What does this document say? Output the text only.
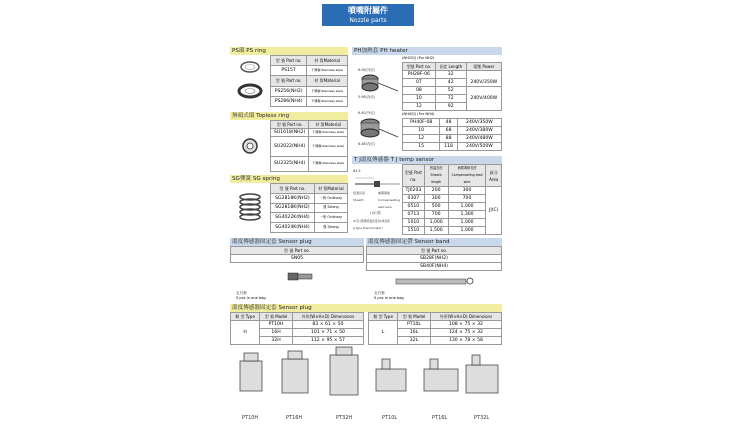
噴嘴附屬件
Nozzle parts
PS環 PS ring
型 號 Part no.	材 質Material
PS157	不銹鋼 Stainless steel
型 號 Part no.	材 質Material
PS256(NH2)	不銹鋼 Stainless steel
PS286(NH4)	不銹鋼 Stainless steel
無頭式環 Topless ring
型 號 Part no.	材 質Material
SU1618(NH2)	不銹鋼 Stainless steel
SU2022(NH4)	不銹鋼 Stainless steel
SU2325(NH4)	不銹鋼 Stainless steel
SG彈簧 SG spring
型 號 Part no.	材 質Material
SG2818K(NH2)	一般 Ordinary
SG2818K(NH2)	強 Strong
SG4022K(NH4)	一般 Ordinary
SG4024K(NH4)	強 Strong
PH加熱套 PH heater
6.08(外徑)
5.98(內徑)
6.40(外徑)
6.48(內徑)
(NH2用) (For NH2)
型號 Part no.	長度 Length	電壓 Power
PH28F-06	32	240V/350W
07	42	
08	52	240V/400W
10	72	
12	92	
(NH4用) (For NH4)
PH40F-08	48	240V/350W
10	68	240V/380W
12	88	240V/480W
15	118	240V/500W
T J溫度傳感器 T J temp sensor
Φ1.5
感溫長度 Sheath
補償導線 Compensating lead wire
J (IC)型
※可以選擇感溫長度和/或長度
(J type thermometer)
型號 Part no.	感溫長度 Sheath length	補償導線長度 Compensating lead wire	區分 Area
TJ0203	200	300	J(IC)
0307	300	700	
0510	500	1,000	
0713	700	1,300	
1010	1,000	1,000	
1510	1,500	1,000	
溫度傳感器固定套 Sensor plug
型 號 Part no.
SN05
五只套
5 pcs in one bag
溫度傳感器固定帶 Sensor band
型 號 Part no.
SB28F(NH2)
SB40F(NH4)
五只套
5 pcs in one bag
溫度傳感器固定套 Sensor plug
類 型 Type	型 號 Model	外形(W×H×D) Dimensions
H	PT10H	83 × 61 × 50
	16H	101 × 71 × 50
	32H	112 × 95 × 57
類 型 Type	型 號 Model	外形(W×H×D) Dimensions
L	PT10L	108 × 75 × 32
	16L	124 × 75 × 32
	32L	130 × 78 × 58
PT10H	PT16H	PT32H	PT10L	PT16L	PT32L
